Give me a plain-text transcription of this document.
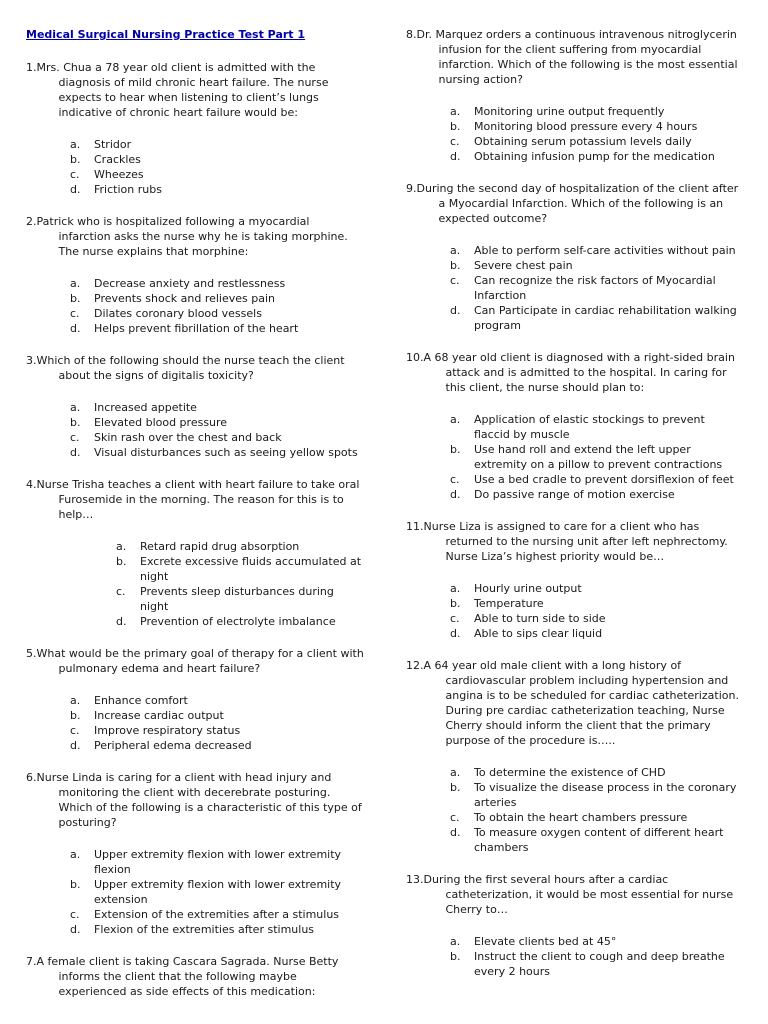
Medical Surgical Nursing Practice Test Part 1
1. Mrs. Chua a 78 year old client is admitted with the diagnosis of mild chronic heart failure. The nurse expects to hear when listening to client’s lungs indicative of chronic heart failure would be:
a.	Stridor
b.	Crackles
c.	Wheezes
d.	Friction rubs
2. Patrick who is hospitalized following a myocardial infarction asks the nurse why he is taking morphine. The nurse explains that morphine:
a.	Decrease anxiety and restlessness
b.	Prevents shock and relieves pain
c.	Dilates coronary blood vessels
d.	Helps prevent fibrillation of the heart
3. Which of the following should the nurse teach the client about the signs of digitalis toxicity?
a.	Increased appetite
b.	Elevated blood pressure
c.	Skin rash over the chest and back
d.	Visual disturbances such as seeing yellow spots
4. Nurse Trisha teaches a client with heart failure to take oral Furosemide in the morning. The reason for this is to help…
a.	Retard rapid drug absorption
b.	Excrete excessive fluids accumulated at night
c.	Prevents sleep disturbances during night
d.	Prevention of electrolyte imbalance
5. What would be the primary goal of therapy for a client with pulmonary edema and heart failure?
a.	Enhance comfort
b.	Increase cardiac output
c.	Improve respiratory status
d.	Peripheral edema decreased
6. Nurse Linda is caring for a client with head injury and monitoring the client with decerebrate posturing. Which of the following is a characteristic of this type of posturing?
a.	Upper extremity flexion with lower extremity flexion
b.	Upper extremity flexion with lower extremity extension
c.	Extension of the extremities after a stimulus
d.	Flexion of the extremities after stimulus
7. A female client is taking Cascara Sagrada. Nurse Betty informs the client that the following maybe experienced as side effects of this medication:
8. Dr. Marquez orders a continuous intravenous nitroglycerin infusion for the client suffering from myocardial infarction. Which of the following is the most essential nursing action?
a.	Monitoring urine output frequently
b.	Monitoring blood pressure every 4 hours
c.	Obtaining serum potassium levels daily
d.	Obtaining infusion pump for the medication
9. During the second day of hospitalization of the client after a Myocardial Infarction. Which of the following is an expected outcome?
a.	Able to perform self-care activities without pain
b.	Severe chest pain
c.	Can recognize the risk factors of Myocardial Infarction
d.	Can Participate in cardiac rehabilitation walking program
10. A 68 year old client is diagnosed with a right-sided brain attack and is admitted to the hospital. In caring for this client, the nurse should plan to:
a.	Application of elastic stockings to prevent flaccid by muscle
b.	Use hand roll and extend the left upper extremity on a pillow to prevent contractions
c.	Use a bed cradle to prevent dorsiflexion of feet
d.	Do passive range of motion exercise
11. Nurse Liza is assigned to care for a client who has returned to the nursing unit after left nephrectomy. Nurse Liza’s highest priority would be…
a.	Hourly urine output
b.	Temperature
c.	Able to turn side to side
d.	Able to sips clear liquid
12. A 64 year old male client with a long history of cardiovascular problem including hypertension and angina is to be scheduled for cardiac catheterization. During pre cardiac catheterization teaching, Nurse Cherry should inform the client that the primary purpose of the procedure is…..
a.	To determine the existence of CHD
b.	To visualize the disease process in the coronary arteries
c.	To obtain the heart chambers pressure
d.	To measure oxygen content of different heart chambers
13. During the first several hours after a cardiac catheterization, it would be most essential for nurse Cherry to…
a.	Elevate clients bed at 45°
b.	Instruct the client to cough and deep breathe every 2 hours
